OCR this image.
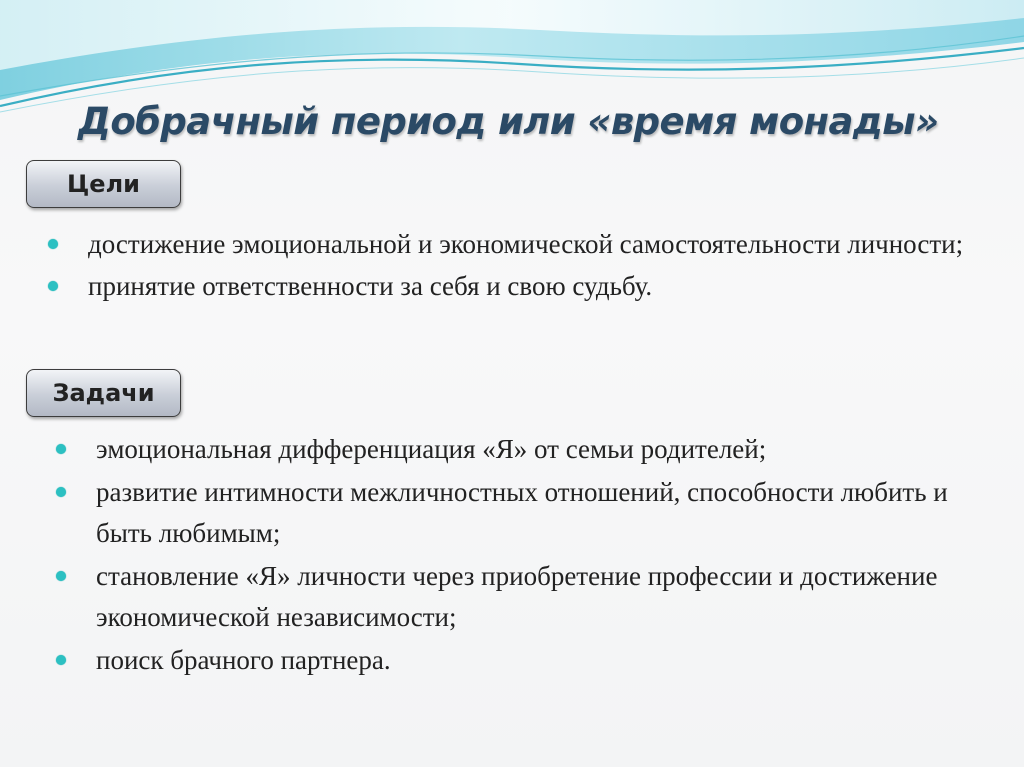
Добрачный период или «время монады»
Цели
достижение эмоциональной и экономической самостоятельности личности;
принятие ответственности за себя и свою судьбу.
Задачи
эмоциональная дифференциация «Я» от семьи родителей;
развитие интимности межличностных отношений, способности любить и быть любимым;
становление «Я» личности через приобретение профессии и достижение экономической независимости;
поиск брачного партнера.
